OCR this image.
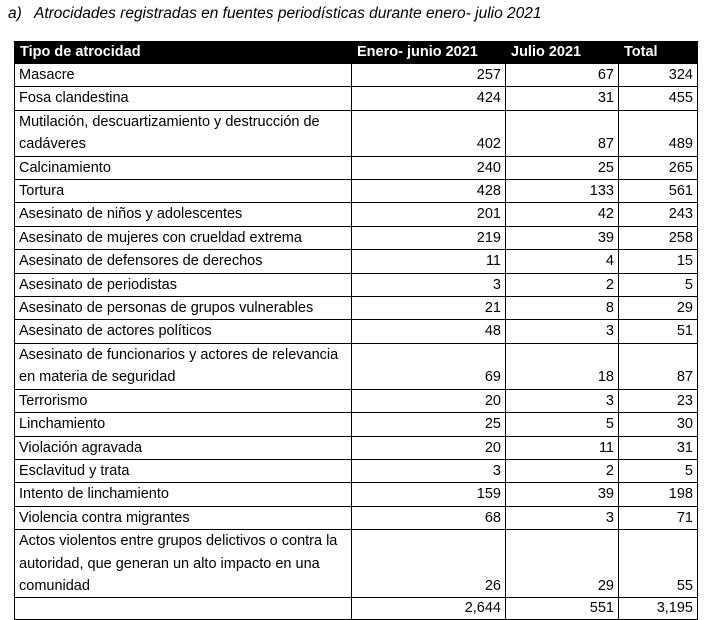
a) Atrocidades registradas en fuentes periodísticas durante enero- julio 2021
Tipo de atrocidad	Enero- junio 2021	Julio 2021	Total
Masacre	257	67	324
Fosa clandestina	424	31	455
Mutilación, descuartizamiento y destrucción de cadáveres	402	87	489
Calcinamiento	240	25	265
Tortura	428	133	561
Asesinato de niños y adolescentes	201	42	243
Asesinato de mujeres con crueldad extrema	219	39	258
Asesinato de defensores de derechos	11	4	15
Asesinato de periodistas	3	2	5
Asesinato de personas de grupos vulnerables	21	8	29
Asesinato de actores políticos	48	3	51
Asesinato de funcionarios y actores de relevancia en materia de seguridad	69	18	87
Terrorismo	20	3	23
Linchamiento	25	5	30
Violación agravada	20	11	31
Esclavitud y trata	3	2	5
Intento de linchamiento	159	39	198
Violencia contra migrantes	68	3	71
Actos violentos entre grupos delictivos o contra la autoridad, que generan un alto impacto en una comunidad	26	29	55
	2,644	551	3,195
